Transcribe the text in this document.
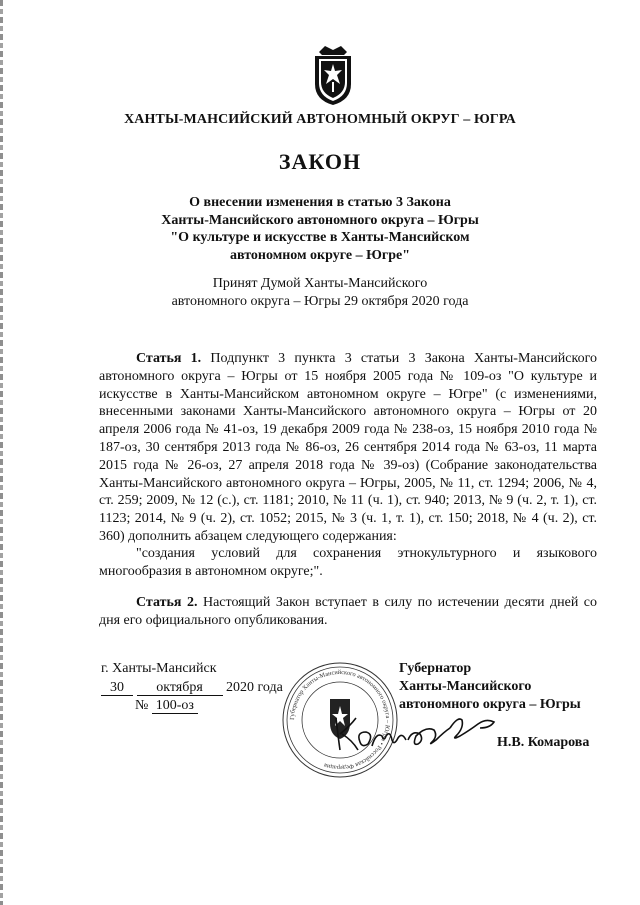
ХАНТЫ-МАНСИЙСКИЙ АВТОНОМНЫЙ ОКРУГ – ЮГРА

ЗАКОН

О внесении изменения в статью 3 Закона
Ханты-Мансийского автономного округа – Югры
"О культуре и искусстве в Ханты-Мансийском
автономном округе – Югре"

Принят Думой Ханты-Мансийского
автономного округа – Югры 29 октября 2020 года

Статья 1. Подпункт 3 пункта 3 статьи 3 Закона Ханты-Мансийского автономного округа – Югры от 15 ноября 2005 года № 109-оз "О культуре и искусстве в Ханты-Мансийском автономном округе – Югре" (с изменениями, внесенными законами Ханты-Мансийского автономного округа – Югры от 20 апреля 2006 года № 41-оз, 19 декабря 2009 года № 238-оз, 15 ноября 2010 года № 187-оз, 30 сентября 2013 года № 86-оз, 26 сентября 2014 года № 63-оз, 11 марта 2015 года № 26-оз, 27 апреля 2018 года № 39-оз) (Собрание законодательства Ханты-Мансийского автономного округа – Югры, 2005, № 11, ст. 1294; 2006, № 4, ст. 259; 2009, № 12 (с.), ст. 1181; 2010, № 11 (ч. 1), ст. 940; 2013, № 9 (ч. 2, т. 1), ст. 1123; 2014, № 9 (ч. 2), ст. 1052; 2015, № 3 (ч. 1, т. 1), ст. 150; 2018, № 4 (ч. 2), ст. 360) дополнить абзацем следующего содержания:

"создания условий для сохранения этнокультурного и языкового многообразия в автономном округе;".

Статья 2. Настоящий Закон вступает в силу по истечении десяти дней со дня его официального опубликования.

г. Ханты-Мансийск
30 октября 2020 года
№ 100-оз
Губернатор Ханты-Мансийского автономного округа – Югры • Российская Федерация
Губернатор
Ханты-Мансийского
автономного округа – Югры
Н.В. Комарова
